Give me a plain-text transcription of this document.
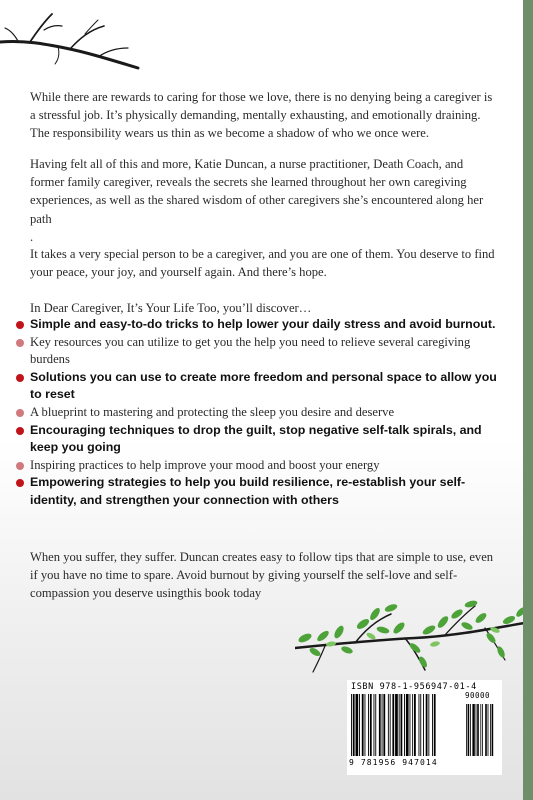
While there are rewards to caring for those we love, there is no denying being a caregiver is a stressful job. It’s physically demanding, mentally exhausting, and emotionally draining. The responsibility wears us thin as we become a shadow of who we once were.

Having felt all of this and more, Katie Duncan, a nurse practitioner, Death Coach, and former family caregiver, reveals the secrets she learned throughout her own caregiving experiences, as well as the shared wisdom of other caregivers she’s encountered along her path

.

It takes a very special person to be a caregiver, and you are one of them. You deserve to find your peace, your joy, and yourself again. And there’s hope.

In Dear Caregiver, It’s Your Life Too, you’ll discover…

Simple and easy-to-do tricks to help lower your daily stress and avoid burnout.
Key resources you can utilize to get you the help you need to relieve several caregiving burdens
Solutions you can use to create more freedom and personal space to allow you to reset
A blueprint to mastering and protecting the sleep you desire and deserve
Encouraging techniques to drop the guilt, stop negative self-talk spirals, and keep you going
Inspiring practices to help improve your mood and boost your energy
Empowering strategies to help you build resilience, re-establish your self-identity, and strengthen your connection with others

When you suffer, they suffer. Duncan creates easy to follow tips that are simple to use, even if you have no time to spare. Avoid burnout by giving yourself the self-love and self-compassion you deserve usingthis book today

ISBN 978-1-956947-01-4

9 781956 947014

90000
